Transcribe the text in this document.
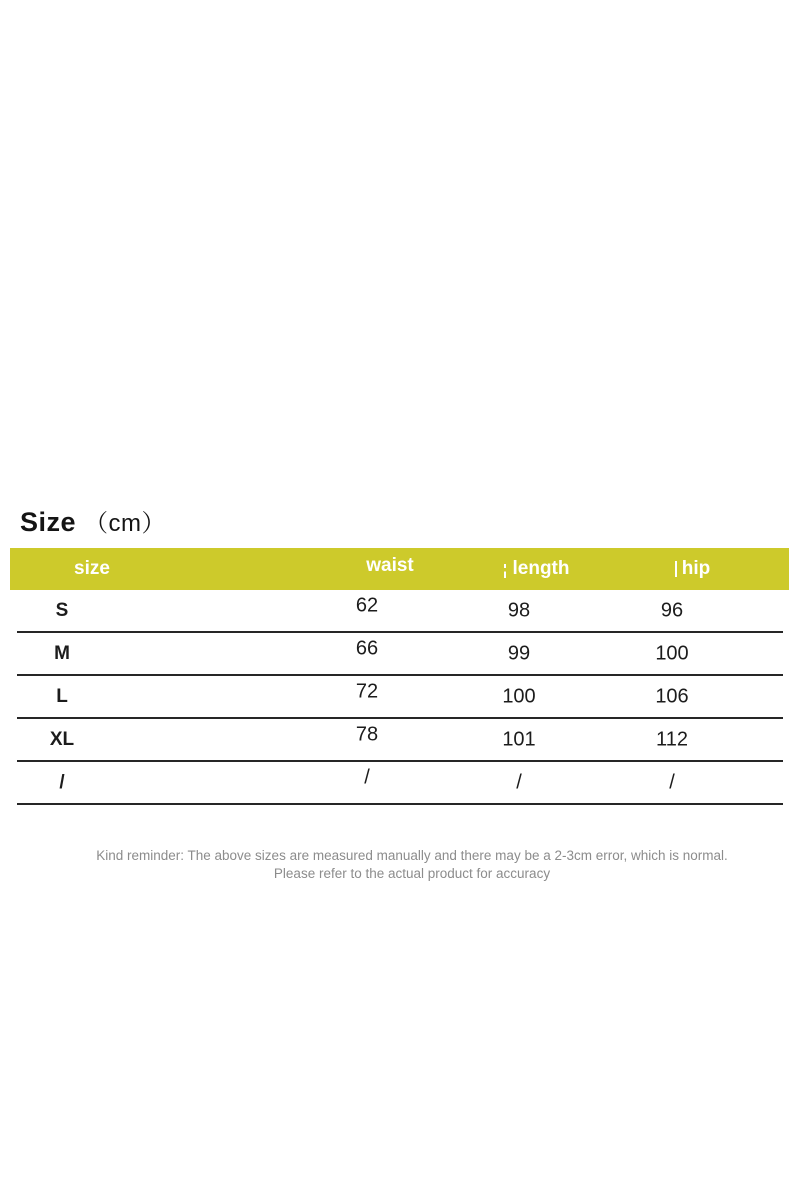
Size （cm）
size	waist	length	hip
S	62	98	96
M	66	99	100
L	72	100	106
XL	78	101	112
/	/	/	/
Kind reminder: The above sizes are measured manually and there may be a 2-3cm error, which is normal.
Please refer to the actual product for accuracy
